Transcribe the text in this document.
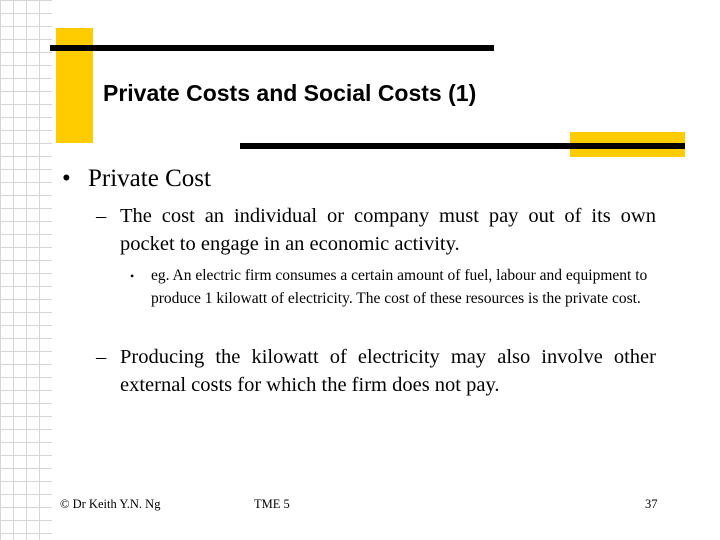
Private Costs and Social Costs (1)
• Private Cost
– The cost an individual or company must pay out of its own pocket to engage in an economic activity.
• eg. An electric firm consumes a certain amount of fuel, labour and equipment to produce 1 kilowatt of electricity. The cost of these resources is the private cost.
– Producing the kilowatt of electricity may also involve other external costs for which the firm does not pay.
© Dr Keith Y.N. Ng	TME 5	37
